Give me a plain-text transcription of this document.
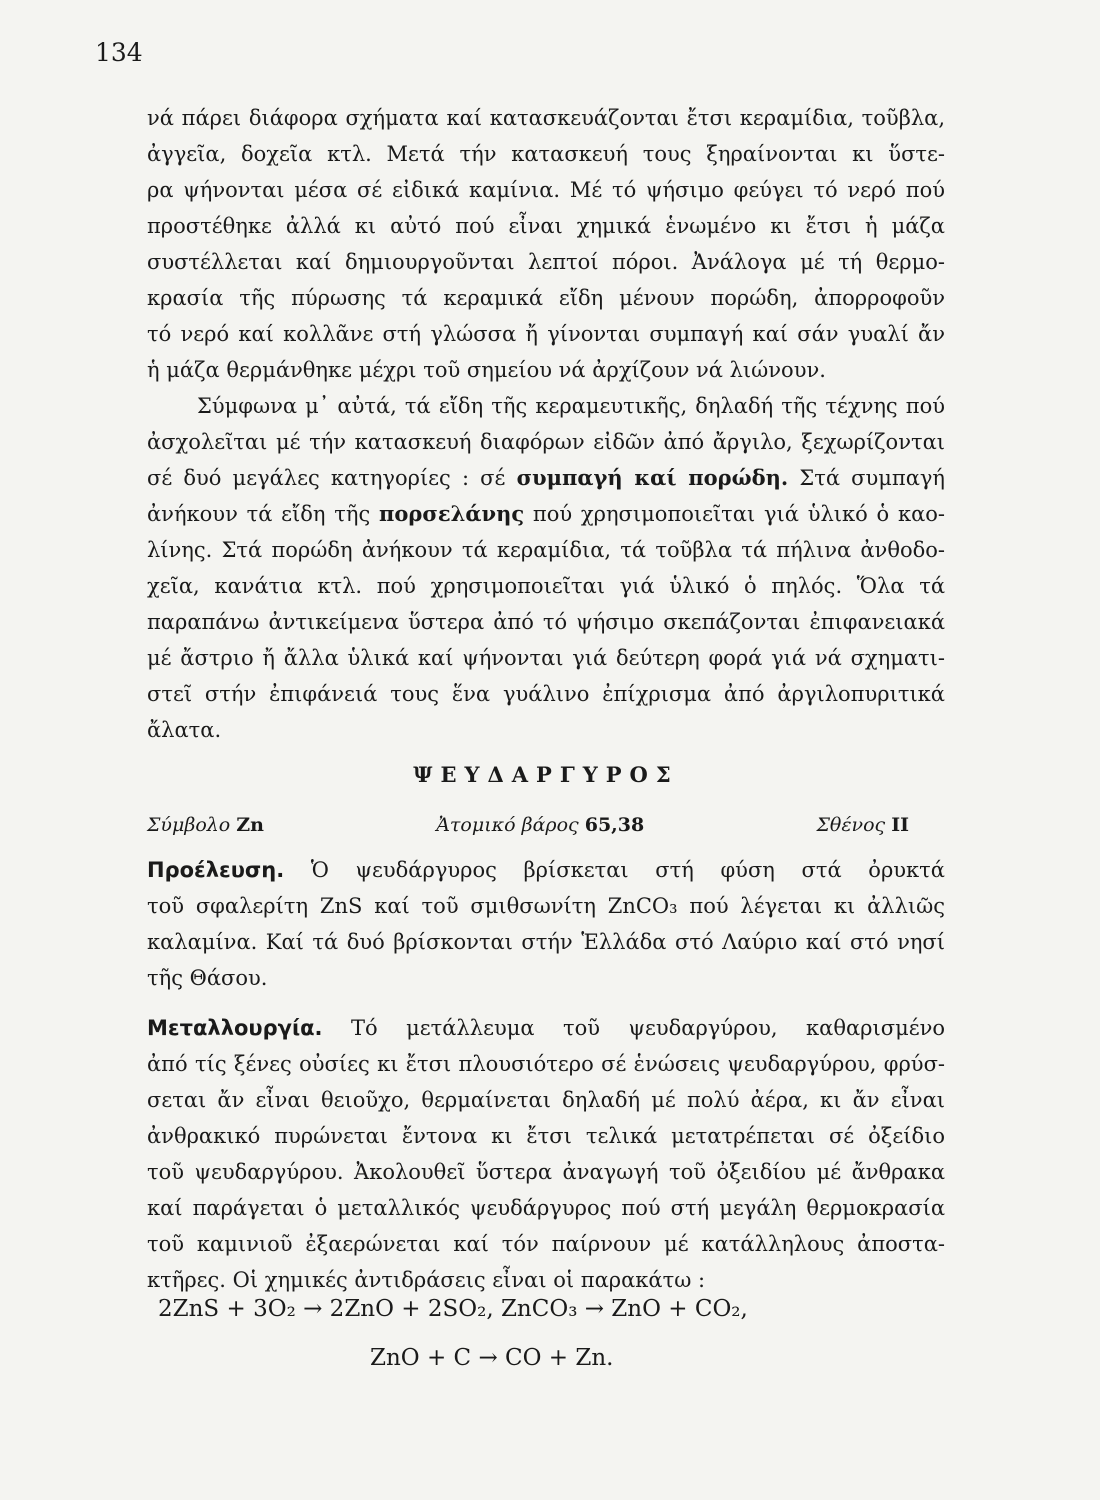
134
νά πάρει διάφορα σχήματα καί κατασκευάζονται ἔτσι κεραμίδια, τοῦβλα,
ἀγγεῖα, δοχεῖα κτλ. Μετά τήν κατασκευή τους ξηραίνονται κι ὕστε-
ρα ψήνονται μέσα σέ εἰδικά καμίνια. Μέ τό ψήσιμο φεύγει τό νερό πού
προστέθηκε ἀλλά κι αὐτό πού εἶναι χημικά ἑνωμένο κι ἔτσι ἡ μάζα
συστέλλεται καί δημιουργοῦνται λεπτοί πόροι. Ἀνάλογα μέ τή θερμο-
κρασία τῆς πύρωσης τά κεραμικά εἴδη μένουν πορώδη, ἀπορροφοῦν
τό νερό καί κολλᾶνε στή γλώσσα ἤ γίνονται συμπαγή καί σάν γυαλί ἄν
ἡ μάζα θερμάνθηκε μέχρι τοῦ σημείου νά ἀρχίζουν νά λιώνουν.
Σύμφωνα μ᾿ αὐτά, τά εἴδη τῆς κεραμευτικῆς, δηλαδή τῆς τέχνης πού
ἀσχολεῖται μέ τήν κατασκευή διαφόρων εἰδῶν ἀπό ἄργιλο, ξεχωρίζονται
σέ δυό μεγάλες κατηγορίες : σέ συμπαγή καί πορώδη. Στά συμπαγή
ἀνήκουν τά εἴδη τῆς πορσελάνης πού χρησιμοποιεῖται γιά ὑλικό ὁ καο-
λίνης. Στά πορώδη ἀνήκουν τά κεραμίδια, τά τοῦβλα τά πήλινα ἀνθοδο-
χεῖα, κανάτια κτλ. πού χρησιμοποιεῖται γιά ὑλικό ὁ πηλός. Ὅλα τά
παραπάνω ἀντικείμενα ὕστερα ἀπό τό ψήσιμο σκεπάζονται ἐπιφανειακά
μέ ἄστριο ἤ ἄλλα ὑλικά καί ψήνονται γιά δεύτερη φορά γιά νά σχηματι-
στεῖ στήν ἐπιφάνειά τους ἕνα γυάλινο ἐπίχρισμα ἀπό ἀργιλοπυριτικά
ἄλατα.
ΨΕΥΔΑΡΓΥΡΟΣ
Σύμβολο Zn	Ἀτομικό βάρος 65,38	Σθένος II
Προέλευση. Ὁ ψευδάργυρος βρίσκεται στή φύση στά ὀρυκτά
τοῦ σφαλερίτη ZnS καί τοῦ σμιθσωνίτη ZnCO₃ πού λέγεται κι ἀλλιῶς
καλαμίνα. Καί τά δυό βρίσκονται στήν Ἑλλάδα στό Λαύριο καί στό νησί
τῆς Θάσου.
Μεταλλουργία. Τό μετάλλευμα τοῦ ψευδαργύρου, καθαρισμένο
ἀπό τίς ξένες οὐσίες κι ἔτσι πλουσιότερο σέ ἑνώσεις ψευδαργύρου, φρύσ-
σεται ἄν εἶναι θειοῦχο, θερμαίνεται δηλαδή μέ πολύ ἀέρα, κι ἄν εἶναι
ἀνθρακικό πυρώνεται ἔντονα κι ἔτσι τελικά μετατρέπεται σέ ὀξείδιο
τοῦ ψευδαργύρου. Ἀκολουθεῖ ὕστερα ἀναγωγή τοῦ ὀξειδίου μέ ἄνθρακα
καί παράγεται ὁ μεταλλικός ψευδάργυρος πού στή μεγάλη θερμοκρασία
τοῦ καμινιοῦ ἐξαερώνεται καί τόν παίρνουν μέ κατάλληλους ἀποστα-
κτῆρες. Οἱ χημικές ἀντιδράσεις εἶναι οἱ παρακάτω :
2ZnS + 3O₂ → 2ZnO + 2SO₂, ZnCO₃ → ZnO + CO₂,
ZnO + C → CO + Zn.
